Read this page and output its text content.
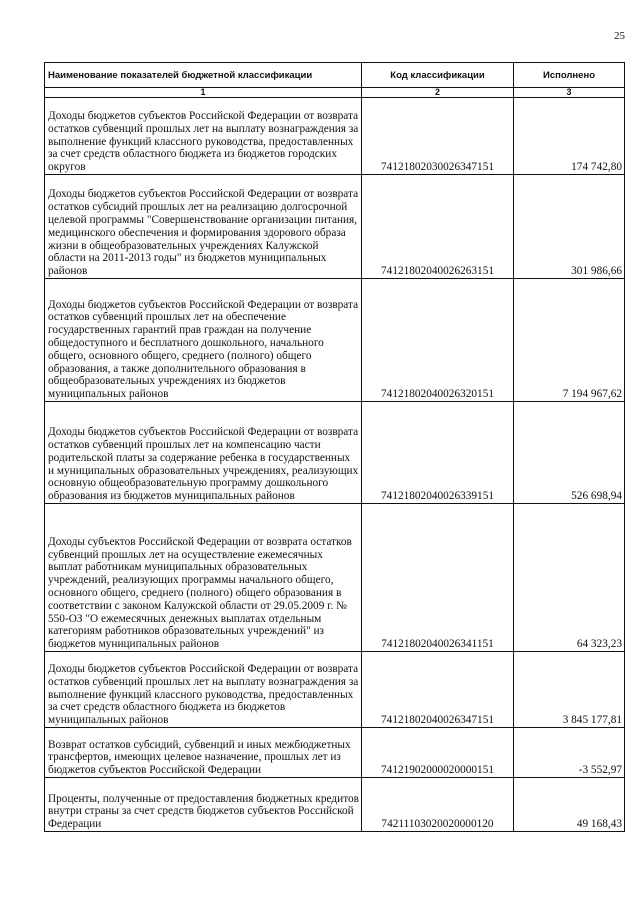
25
Наименование показателей бюджетной классификации	Код классификации	Исполнено
1	2	3
Доходы бюджетов субъектов Российской Федерации от возврата остатков субвенций прошлых лет на выплату вознаграждения за выполнение функций классного руководства, предоставленных за счет средств областного бюджета из бюджетов городских округов	74121802030026347151	174 742,80
Доходы бюджетов субъектов Российской Федерации от возврата остатков субсидий прошлых лет на реализацию долгосрочной целевой программы "Совершенствование организации питания, медицинского обеспечения и формирования здорового образа жизни в общеобразовательных учреждениях Калужской области на 2011-2013 годы" из бюджетов муниципальных районов	74121802040026263151	301 986,66
Доходы бюджетов субъектов Российской Федерации от возврата остатков субвенций прошлых лет на обеспечение государственных гарантий прав граждан на получение общедоступного и бесплатного дошкольного, начального общего, основного общего, среднего (полного) общего образования, а также дополнительного образования в общеобразовательных учреждениях из бюджетов муниципальных районов	74121802040026320151	7 194 967,62
Доходы бюджетов субъектов Российской Федерации от возврата остатков субвенций прошлых лет на компенсацию части родительской платы за содержание ребенка в государственных и муниципальных образовательных учреждениях, реализующих основную общеобразовательную программу дошкольного образования из бюджетов муниципальных районов	74121802040026339151	526 698,94
Доходы субъектов Российской Федерации от возврата остатков субвенций прошлых лет на осуществление ежемесячных выплат работникам муниципальных образовательных учреждений, реализующих программы начального общего, основного общего, среднего (полного) общего образования в соответствии с законом Калужской области от 29.05.2009 г. № 550-ОЗ "О ежемесячных денежных выплатах отдельным категориям работников образовательных учреждений" из бюджетов муниципальных районов	74121802040026341151	64 323,23
Доходы бюджетов субъектов Российской Федерации от возврата остатков субвенций прошлых лет на выплату вознаграждения за выполнение функций классного руководства, предоставленных за счет средств областного бюджета из бюджетов муниципальных районов	74121802040026347151	3 845 177,81
Возврат остатков субсидий, субвенций и иных межбюджетных трансфертов, имеющих целевое назначение, прошлых лет из бюджетов субъектов Российской Федерации	74121902000020000151	-3 552,97
Проценты, полученные от предоставления бюджетных кредитов внутри страны за счет средств бюджетов субъектов Российской Федерации	74211103020020000120	49 168,43
